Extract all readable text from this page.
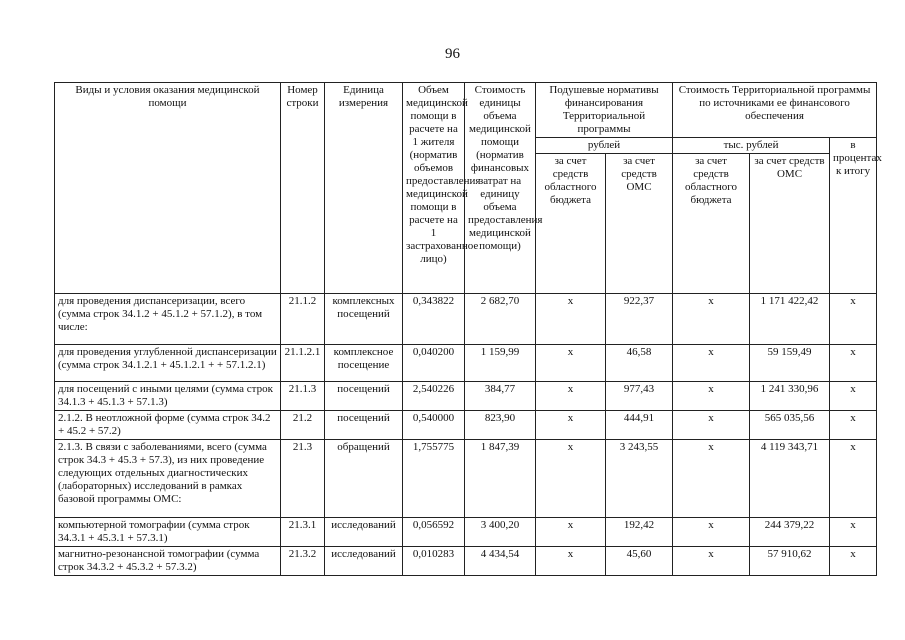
96
Виды и условия оказания медицинской помощи	Номер строки	Единица измерения	Объем медицинской помощи в расчете на 1 жителя (норматив объемов предоставления медицинской помощи в расчете на 1 застрахованное лицо)	Стоимость единицы объема медицинской помощи (норматив финансовых затрат на единицу объема предоставления медицинской помощи)	Подушевые нормативы финансирования Территориальной программы		Стоимость Территориальной программы по источниками ее финансового обеспечения		
					рублей		тыс. рублей		в процентах к итогу
					за счет средств областного бюджета	за счет средств ОМС	за счет средств областного бюджета	за счет средств ОМС	
для проведения диспансеризации, всего (сумма строк 34.1.2 + 45.1.2 + 57.1.2), в том числе:	21.1.2	комплексных посещений	0,343822	2 682,70	х	922,37	х	1 171 422,42	х
для проведения углубленной диспансеризации (сумма строк 34.1.2.1 + 45.1.2.1 + + 57.1.2.1)	21.1.2.1	комплексное посещение	0,040200	1 159,99	х	46,58	х	59 159,49	х
для посещений с иными целями (сумма строк 34.1.3 + 45.1.3 + 57.1.3)	21.1.3	посещений	2,540226	384,77	х	977,43	х	1 241 330,96	х
2.1.2. В неотложной форме (сумма строк 34.2 + 45.2 + 57.2)	21.2	посещений	0,540000	823,90	х	444,91	х	565 035,56	х
2.1.3. В связи с заболеваниями, всего (сумма строк 34.3 + 45.3 + 57.3), из них проведение следующих отдельных диагностических (лабораторных) исследований в рамках базовой программы ОМС:	21.3	обращений	1,755775	1 847,39	х	3 243,55	х	4 119 343,71	х
компьютерной томографии (сумма строк 34.3.1 + 45.3.1 + 57.3.1)	21.3.1	исследований	0,056592	3 400,20	х	192,42	х	244 379,22	х
магнитно-резонансной томографии (сумма строк 34.3.2 + 45.3.2 + 57.3.2)	21.3.2	исследований	0,010283	4 434,54	х	45,60	х	57 910,62	х
